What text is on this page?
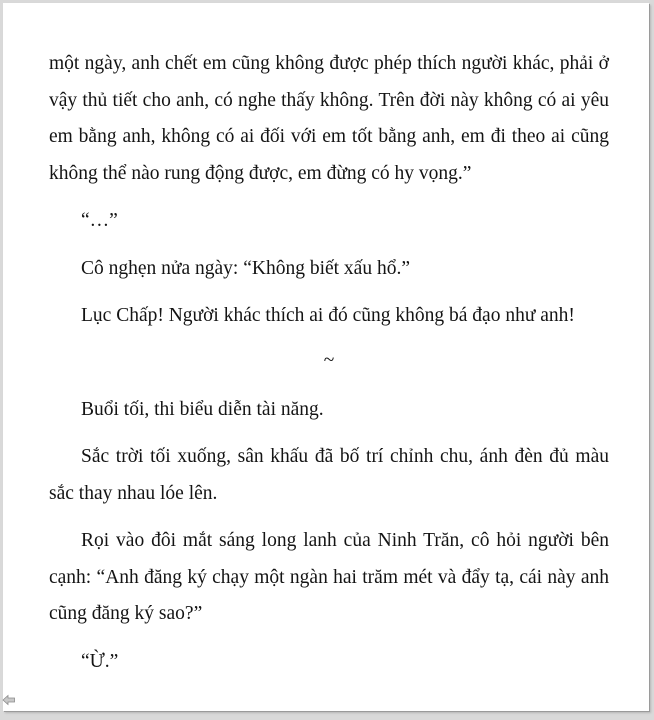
một ngày, anh chết em cũng không được phép thích người khác, phải ở vậy thủ tiết cho anh, có nghe thấy không. Trên đời này không có ai yêu em bằng anh, không có ai đối với em tốt bằng anh, em đi theo ai cũng không thể nào rung động được, em đừng có hy vọng.”

“…”

Cô nghẹn nửa ngày: “Không biết xấu hổ.”

Lục Chấp! Người khác thích ai đó cũng không bá đạo như anh!

~

Buổi tối, thi biểu diễn tài năng.

Sắc trời tối xuống, sân khấu đã bố trí chỉnh chu, ánh đèn đủ màu sắc thay nhau lóe lên.

Rọi vào đôi mắt sáng long lanh của Ninh Trăn, cô hỏi người bên cạnh: “Anh đăng ký chạy một ngàn hai trăm mét và đẩy tạ, cái này anh cũng đăng ký sao?”

“Ừ.”
